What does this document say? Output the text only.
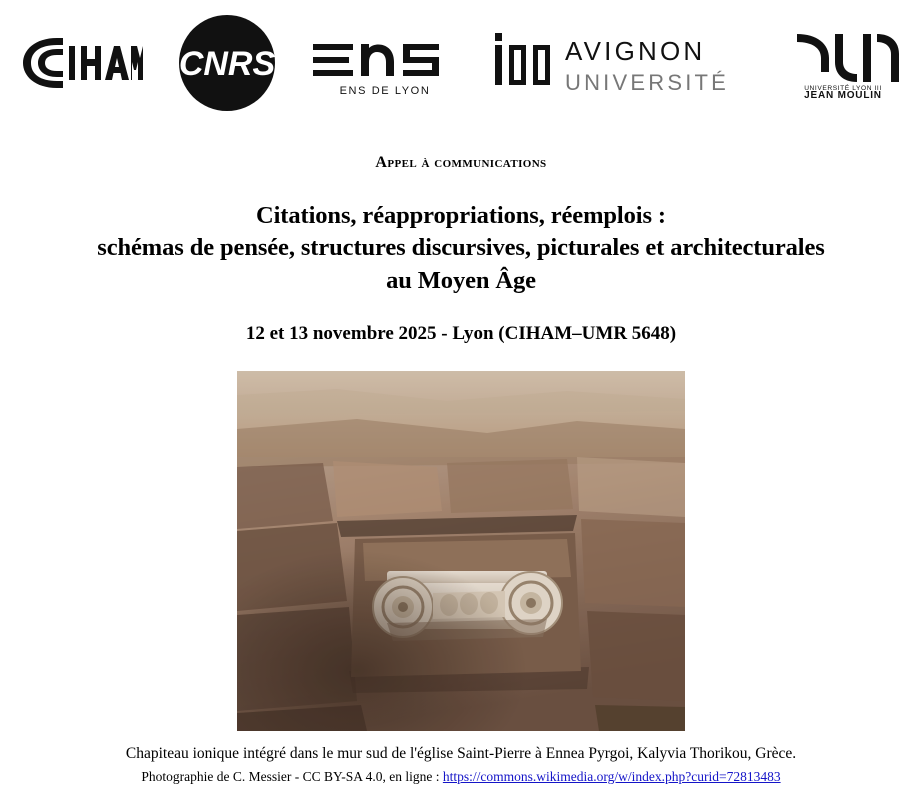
CNRS
ENS DE LYON
AVIGNON
UNIVERSITÉ	UNIVERSITÉ LYON III
JEAN MOULIN
Appel à communications
Citations, réappropriations, réemplois :
schémas de pensée, structures discursives, picturales et architecturales
au Moyen Âge
12 et 13 novembre 2025 - Lyon (CIHAM–UMR 5648)
Chapiteau ionique intégré dans le mur sud de l'église Saint-Pierre à Ennea Pyrgoi, Kalyvia Thorikou, Grèce.
Photographie de C. Messier - CC BY-SA 4.0, en ligne : https://commons.wikimedia.org/w/index.php?curid=72813483
